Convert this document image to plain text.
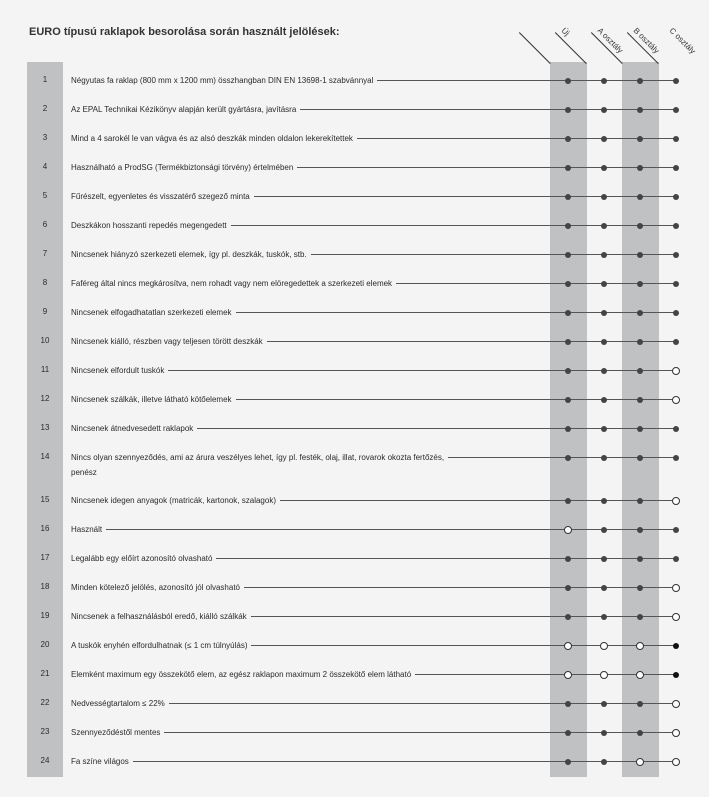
EURO típusú raklapok besorolása során használt jelölések:	Új	A osztály B osztály C osztály
1	Négyutas fa raklap (800 mm x 1200 mm) összhangban DIN EN 13698-1 szabvánnyal
2	Az EPAL Technikai Kézikönyv alapján került gyártásra, javításra
3	Mind a 4 sarokél le van vágva és az alsó deszkák minden oldalon lekerekítettek
4	Használható a ProdSG (Termékbiztonsági törvény) értelmében
5	Fűrészelt, egyenletes és visszatérő szegező minta
6	Deszkákon hosszanti repedés megengedett
7	Nincsenek hiányzó szerkezeti elemek, így pl. deszkák, tuskók, stb.
8	Faféreg által nincs megkárosítva, nem rohadt vagy nem elöregedettek a szerkezeti elemek
9	Nincsenek elfogadhatatlan szerkezeti elemek
10	Nincsenek kiálló, részben vagy teljesen törött deszkák
11	Nincsenek elfordult tuskók
12	Nincsenek szálkák, illetve látható kötőelemek
13	Nincsenek átnedvesedett raklapok
14	Nincs olyan szennyeződés, ami az árura veszélyes lehet, így pl. festék, olaj, illat, rovarok okozta fertőzés,
penész
15	Nincsenek idegen anyagok (matricák, kartonok, szalagok)
16	Használt
17	Legalább egy előírt azonosító olvasható
18	Minden kötelező jelölés, azonosító jól olvasható
19	Nincsenek a felhasználásból eredő, kiálló szálkák
20	A tuskók enyhén elfordulhatnak (≤ 1 cm túlnyúlás)
21	Elemként maximum egy összekötő elem, az egész raklapon maximum 2 összekötő elem látható
22	Nedvességtartalom ≤ 22%
23	Szennyeződéstől mentes
24	Fa színe világos
